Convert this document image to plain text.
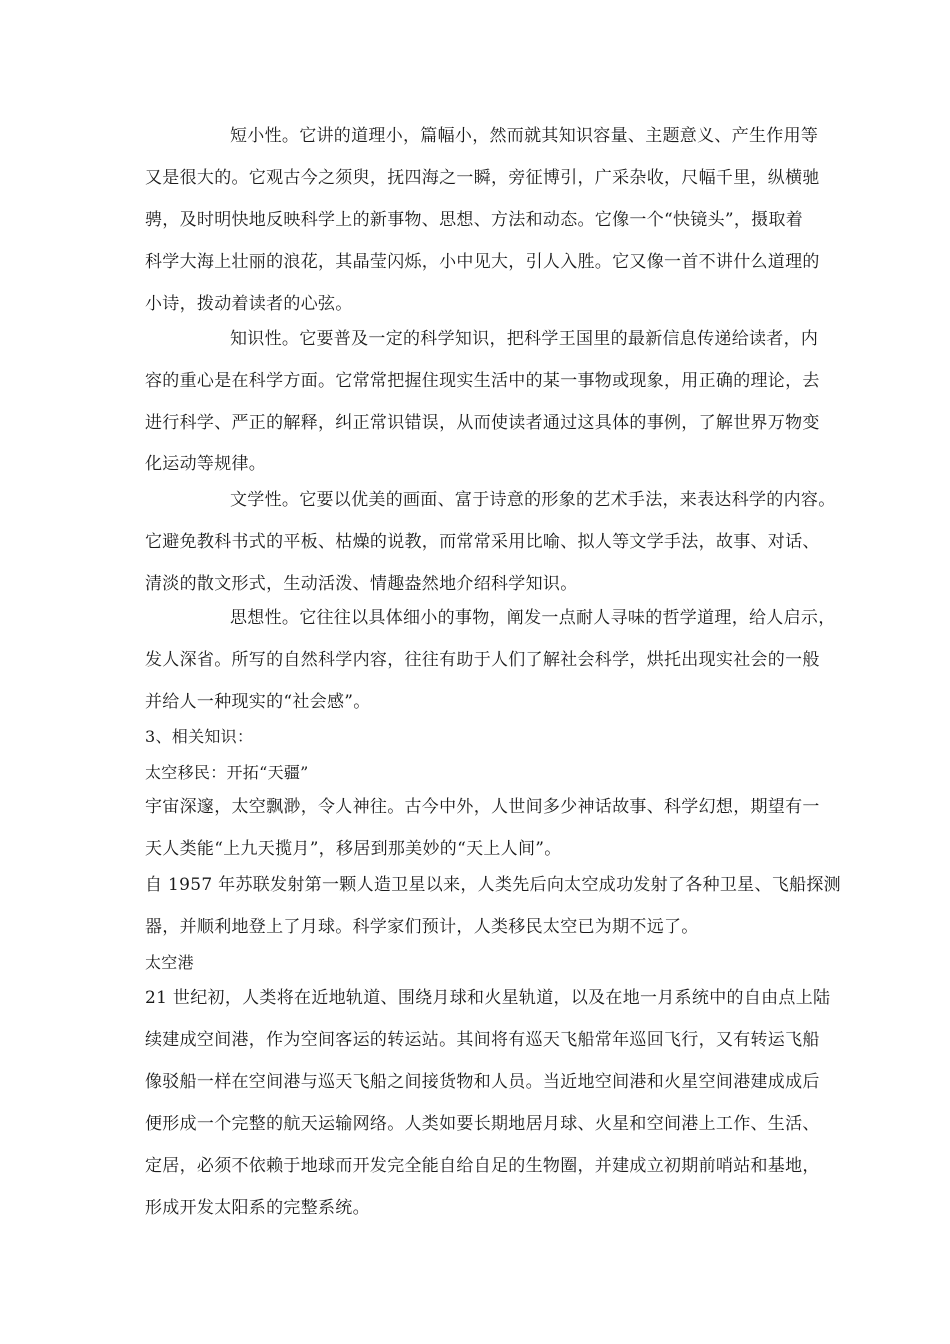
短小性。它讲的道理小，篇幅小，然而就其知识容量、主题意义、产生作用等
又是很大的。它观古今之须臾，抚四海之一瞬，旁征博引，广采杂收，尺幅千里，纵横驰
骋，及时明快地反映科学上的新事物、思想、方法和动态。它像一个“快镜头”，摄取着
科学大海上壮丽的浪花，其晶莹闪烁，小中见大，引人入胜。它又像一首不讲什么道理的
小诗，拨动着读者的心弦。
知识性。它要普及一定的科学知识，把科学王国里的最新信息传递给读者，内
容的重心是在科学方面。它常常把握住现实生活中的某一事物或现象，用正确的理论，去
进行科学、严正的解释，纠正常识错误，从而使读者通过这具体的事例，了解世界万物变
化运动等规律。
文学性。它要以优美的画面、富于诗意的形象的艺术手法，来表达科学的内容。
它避免教科书式的平板、枯燥的说教，而常常采用比喻、拟人等文学手法，故事、对话、
清淡的散文形式，生动活泼、情趣盎然地介绍科学知识。
思想性。它往往以具体细小的事物，阐发一点耐人寻味的哲学道理，给人启示，
发人深省。所写的自然科学内容，往往有助于人们了解社会科学，烘托出现实社会的一般
并给人一种现实的“社会感”。
3、相关知识：
太空移民：开拓“天疆”
宇宙深邃，太空飘渺，令人神往。古今中外，人世间多少神话故事、科学幻想，期望有一
天人类能“上九天揽月”，移居到那美妙的“天上人间”。
自 1957 年苏联发射第一颗人造卫星以来，人类先后向太空成功发射了各种卫星、飞船探测
器，并顺利地登上了月球。科学家们预计，人类移民太空已为期不远了。
太空港
21 世纪初，人类将在近地轨道、围绕月球和火星轨道，以及在地一月系统中的自由点上陆
续建成空间港，作为空间客运的转运站。其间将有巡天飞船常年巡回飞行，又有转运飞船
像驳船一样在空间港与巡天飞船之间接货物和人员。当近地空间港和火星空间港建成成后
便形成一个完整的航天运输网络。人类如要长期地居月球、火星和空间港上工作、生活、
定居，必须不依赖于地球而开发完全能自给自足的生物圈，并建成立初期前哨站和基地，
形成开发太阳系的完整系统。
